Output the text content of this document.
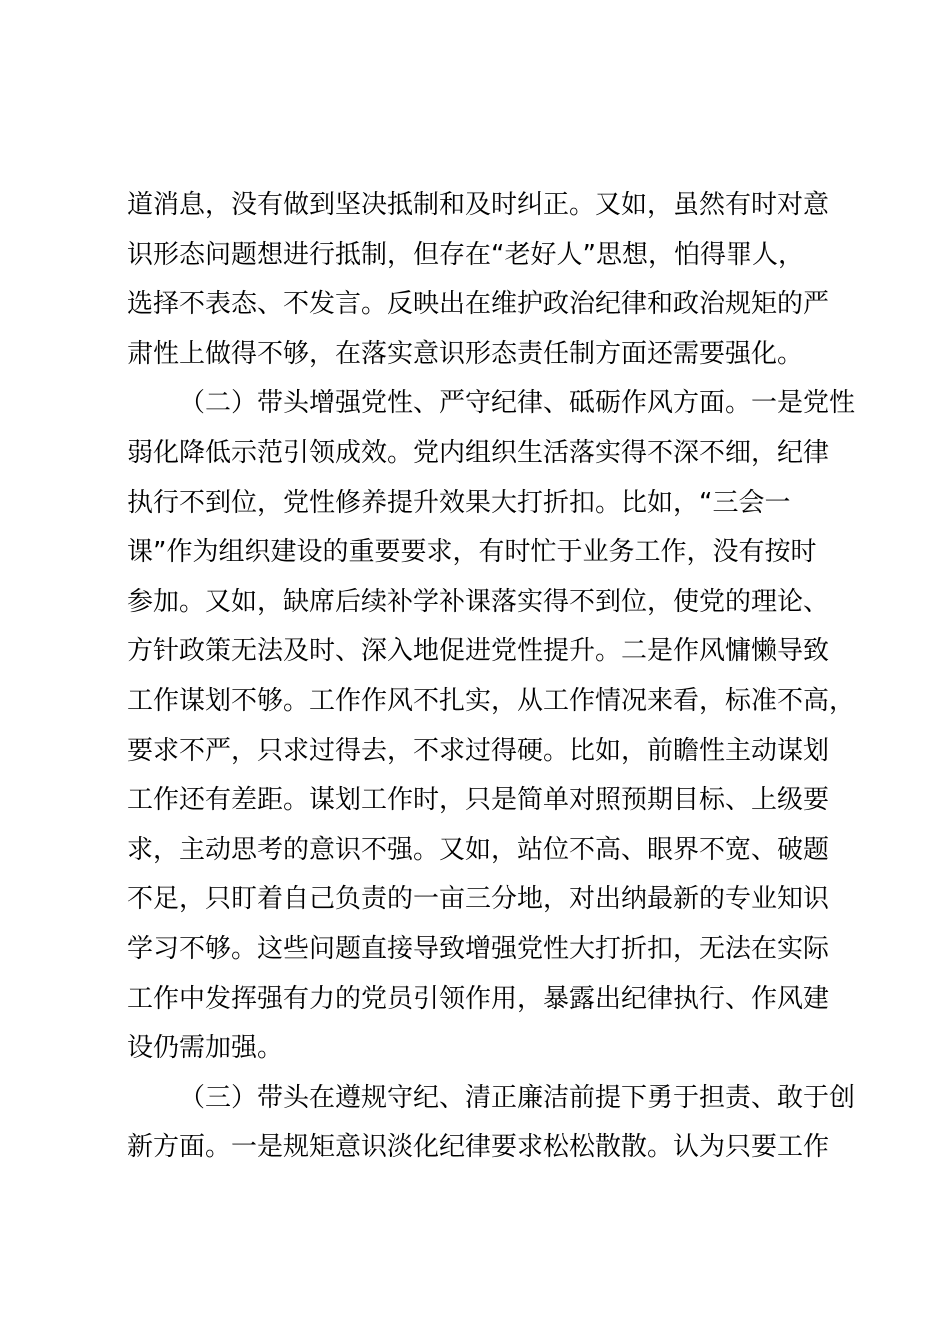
道消息，没有做到坚决抵制和及时纠正。又如，虽然有时对意
识形态问题想进行抵制，但存在“老好人”思想，怕得罪人，
选择不表态、不发言。反映出在维护政治纪律和政治规矩的严
肃性上做得不够，在落实意识形态责任制方面还需要强化。
（二）带头增强党性、严守纪律、砥砺作风方面。一是党性
弱化降低示范引领成效。党内组织生活落实得不深不细，纪律
执行不到位，党性修养提升效果大打折扣。比如，“三会一
课”作为组织建设的重要要求，有时忙于业务工作，没有按时
参加。又如，缺席后续补学补课落实得不到位，使党的理论、
方针政策无法及时、深入地促进党性提升。二是作风慵懒导致
工作谋划不够。工作作风不扎实，从工作情况来看，标准不高，
要求不严，只求过得去，不求过得硬。比如，前瞻性主动谋划
工作还有差距。谋划工作时，只是简单对照预期目标、上级要
求，主动思考的意识不强。又如，站位不高、眼界不宽、破题
不足，只盯着自己负责的一亩三分地，对出纳最新的专业知识
学习不够。这些问题直接导致增强党性大打折扣，无法在实际
工作中发挥强有力的党员引领作用，暴露出纪律执行、作风建
设仍需加强。
（三）带头在遵规守纪、清正廉洁前提下勇于担责、敢于创
新方面。一是规矩意识淡化纪律要求松松散散。认为只要工作
